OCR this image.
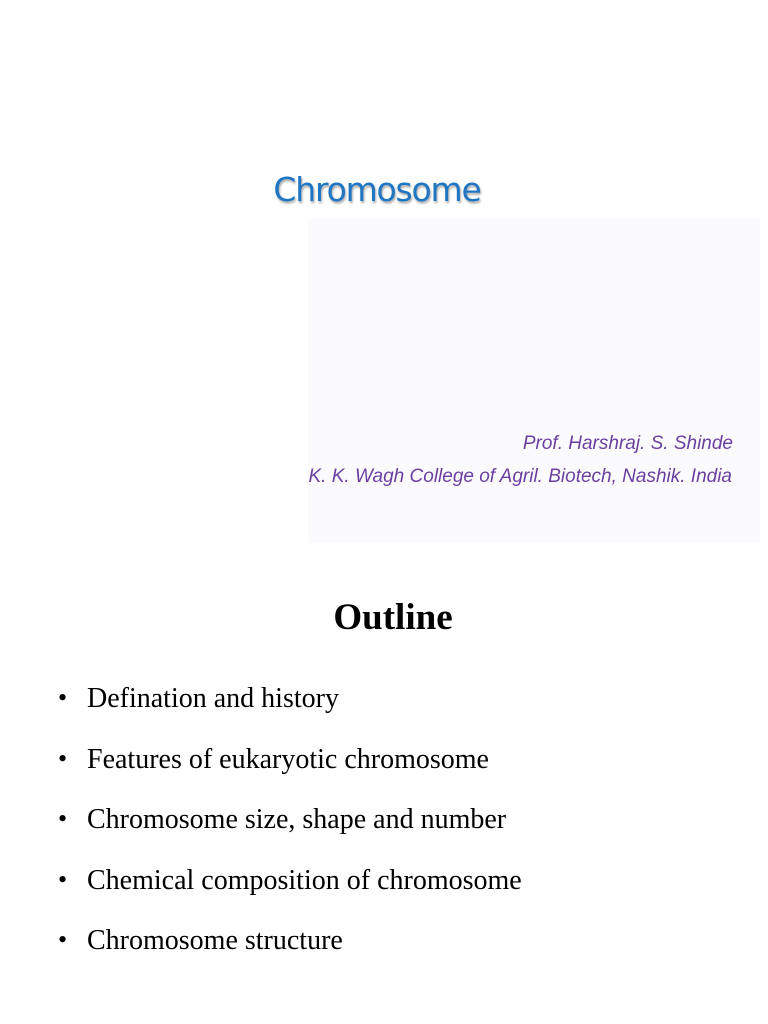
Chromosome
Prof. Harshraj. S. Shinde
K. K. Wagh College of Agril. Biotech, Nashik. India
Outline
• Defination and history
• Features of eukaryotic chromosome
• Chromosome size, shape and number
• Chemical composition of chromosome
• Chromosome structure
